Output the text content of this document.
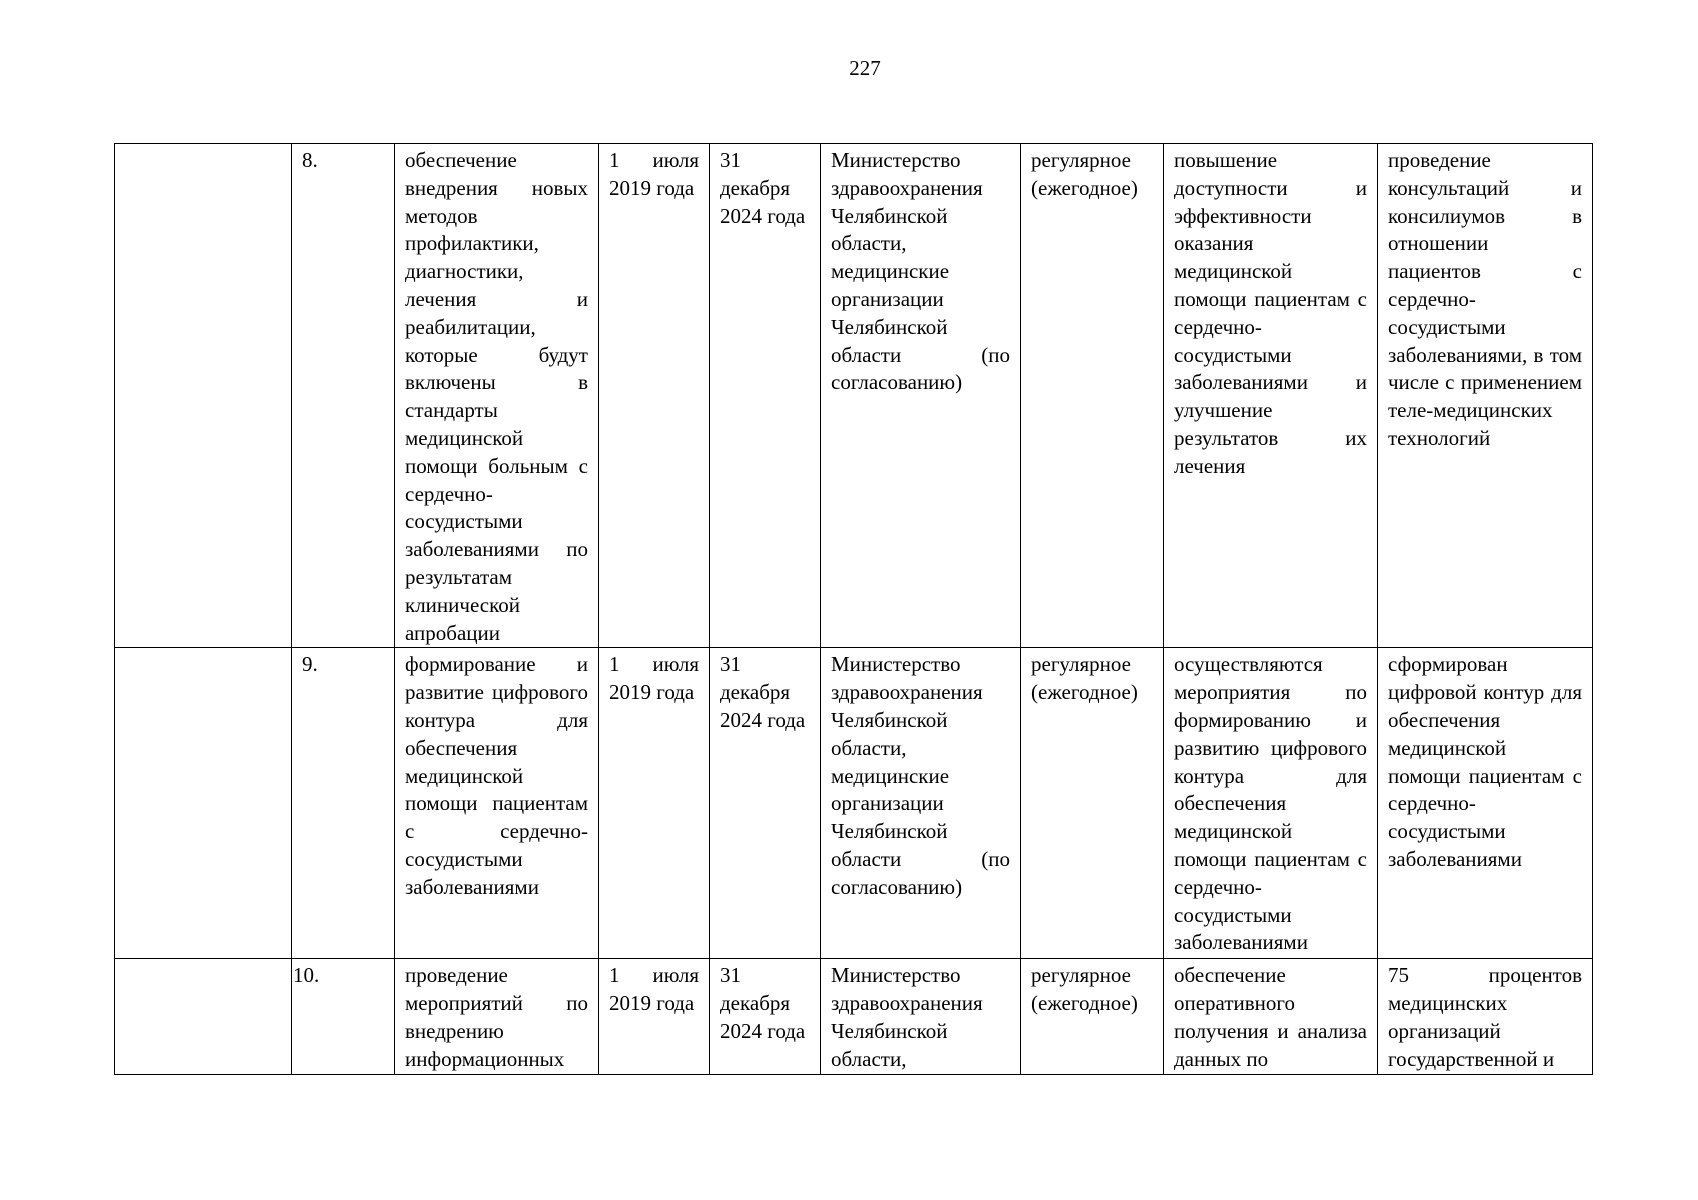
227
	8.	обеспечение внедрения новых методов профилактики, диагностики, лечения и реабилитации, которые будут включены в стандарты медицинской помощи больным с сердечно-сосудистыми заболеваниями по результатам клинической апробации	1 июля 2019 года	31 декабря 2024 года	Министерство здравоохранения Челябинской области, медицинские организации Челябинской области (по согласованию)	регулярное (ежегодное)	повышение доступности и эффективности оказания медицинской помощи пациентам с сердечно-сосудистыми заболеваниями и улучшение результатов их лечения	проведение консультаций и консилиумов в отношении пациентов с сердечно-сосудистыми заболеваниями, в том числе с применением теле-медицинских технологий
	9.	формирование и развитие цифрового контура для обеспечения медицинской помощи пациентам с сердечно-сосудистыми заболеваниями	1 июля 2019 года	31 декабря 2024 года	Министерство здравоохранения Челябинской области, медицинские организации Челябинской области (по согласованию)	регулярное (ежегодное)	осуществляются мероприятия по формированию и развитию цифрового контура для обеспечения медицинской помощи пациентам с сердечно-сосудистыми заболеваниями	сформирован цифровой контур для обеспечения медицинской помощи пациентам с сердечно-сосудистыми заболеваниями
	10.	проведение мероприятий по внедрению информационных	1 июля 2019 года	31 декабря 2024 года	Министерство здравоохранения Челябинской области,	регулярное (ежегодное)	обеспечение оперативного получения и анализа данных по	75 процентов медицинских организаций государственной и
